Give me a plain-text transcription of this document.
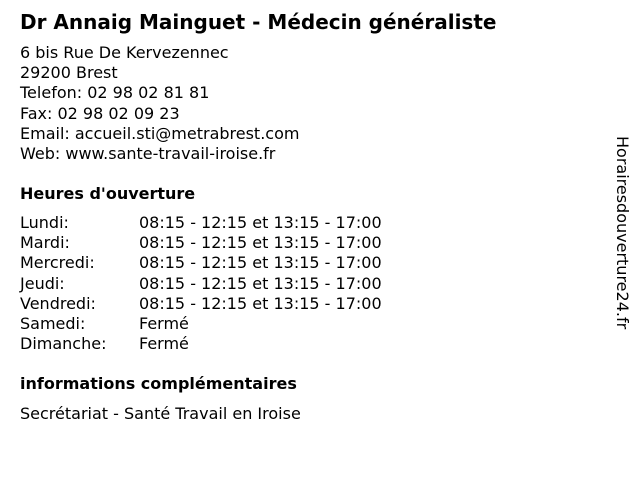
Dr Annaig Mainguet - Médecin généraliste
6 bis Rue De Kervezennec
29200 Brest
Telefon: 02 98 02 81 81
Fax: 02 98 02 09 23
Email: accueil.sti@metrabrest.com
Web: www.sante-travail-iroise.fr
Heures d'ouverture
Lundi:	08:15 - 12:15 et 13:15 - 17:00
Mardi:	08:15 - 12:15 et 13:15 - 17:00
Mercredi:	08:15 - 12:15 et 13:15 - 17:00
Jeudi:	08:15 - 12:15 et 13:15 - 17:00
Vendredi:	08:15 - 12:15 et 13:15 - 17:00
Samedi:	Fermé
Dimanche:	Fermé
informations complémentaires
Secrétariat - Santé Travail en Iroise
Horairesdouverture24.fr
